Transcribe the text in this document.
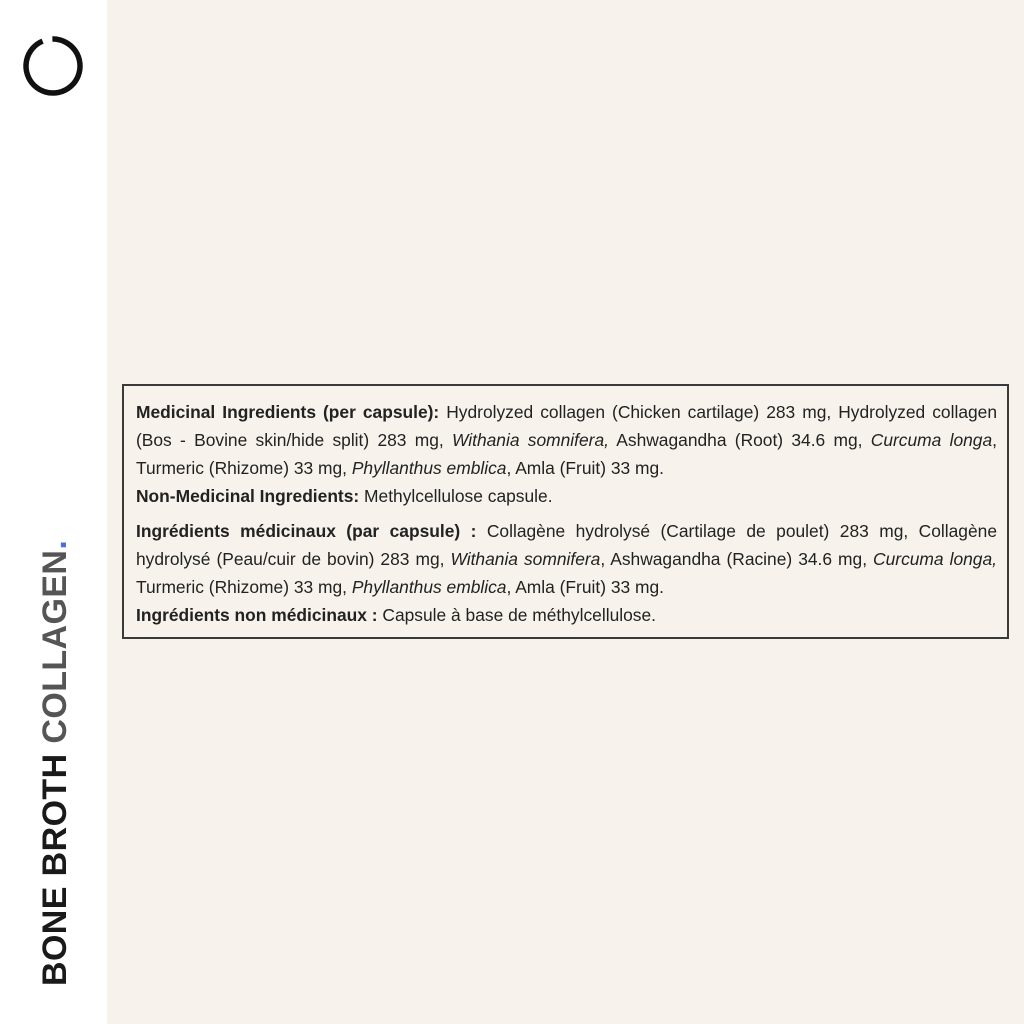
BONE BROTH COLLAGEN.

Medicinal Ingredients (per capsule): Hydrolyzed collagen (Chicken cartilage) 283 mg, Hydrolyzed collagen (Bos - Bovine skin/hide split) 283 mg, Withania somnifera, Ashwagandha (Root) 34.6 mg, Curcuma longa, Turmeric (Rhizome) 33 mg, Phyllanthus emblica, Amla (Fruit) 33 mg.

Non-Medicinal Ingredients: Methylcellulose capsule.

Ingrédients médicinaux (par capsule) : Collagène hydrolysé (Cartilage de poulet) 283 mg, Collagène hydrolysé (Peau/cuir de bovin) 283 mg, Withania somnifera, Ashwagandha (Racine) 34.6 mg, Curcuma longa, Turmeric (Rhizome) 33 mg, Phyllanthus emblica, Amla (Fruit) 33 mg.

Ingrédients non médicinaux : Capsule à base de méthylcellulose.
